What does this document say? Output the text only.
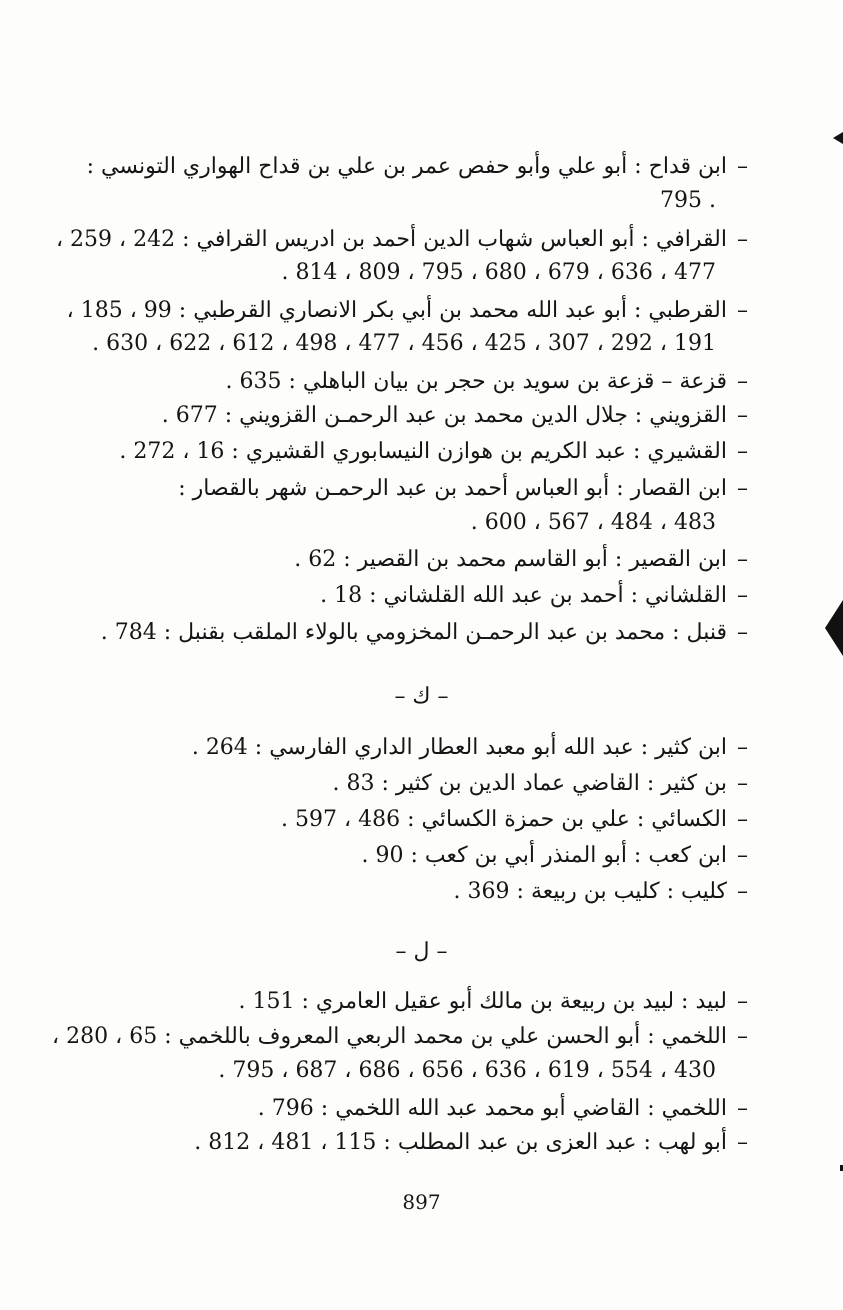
–ابن قداح : أبو علي وأبو حفص عمر بن علي بن قداح الهواري التونسي :
. 795
–القرافي : أبو العباس شهاب الدين أحمد بن ادريس القرافي : 242 ، 259 ،
477 ، 636 ، 679 ، 680 ، 795 ، 809 ، 814 .
–القرطبي : أبو عبد الله محمد بن أبي بكر الانصاري القرطبي : 99 ، 185 ،
191 ، 292 ، 307 ، 425 ، 456 ، 477 ، 498 ، 612 ، 622 ، 630 .
–قزعة – قزعة بن سويد بن حجر بن بيان الباهلي : 635 .
–القزويني : جلال الدين محمد بن عبد الرحمـن القزويني : 677 .
–القشيري : عبد الكريم بن هوازن النيسابوري القشيري : 16 ، 272 .
–ابن القصار : أبو العباس أحمد بن عبد الرحمـن شهر بالقصار :
483 ، 484 ، 567 ، 600 .
–ابن القصير : أبو القاسم محمد بن القصير : 62 .
–القلشاني : أحمد بن عبد الله القلشاني : 18 .
–قنبل : محمد بن عبد الرحمـن المخزومي بالولاء الملقب بقنبل : 784 .
– ك –
–ابن كثير : عبد الله أبو معبد العطار الداري الفارسي : 264 .
–بن كثير : القاضي عماد الدين بن كثير : 83 .
–الكسائي : علي بن حمزة الكسائي : 486 ، 597 .
–ابن كعب : أبو المنذر أبي بن كعب : 90 .
–كليب : كليب بن ربيعة : 369 .
– ل –
–لبيد : لبيد بن ربيعة بن مالك أبو عقيل العامري : 151 .
–اللخمي : أبو الحسن علي بن محمد الربعي المعروف باللخمي : 65 ، 280 ،
430 ، 554 ، 619 ، 636 ، 656 ، 686 ، 687 ، 795 .
–اللخمي : القاضي أبو محمد عبد الله اللخمي : 796 .
–أبو لهب : عبد العزى بن عبد المطلب : 115 ، 481 ، 812 .
897
